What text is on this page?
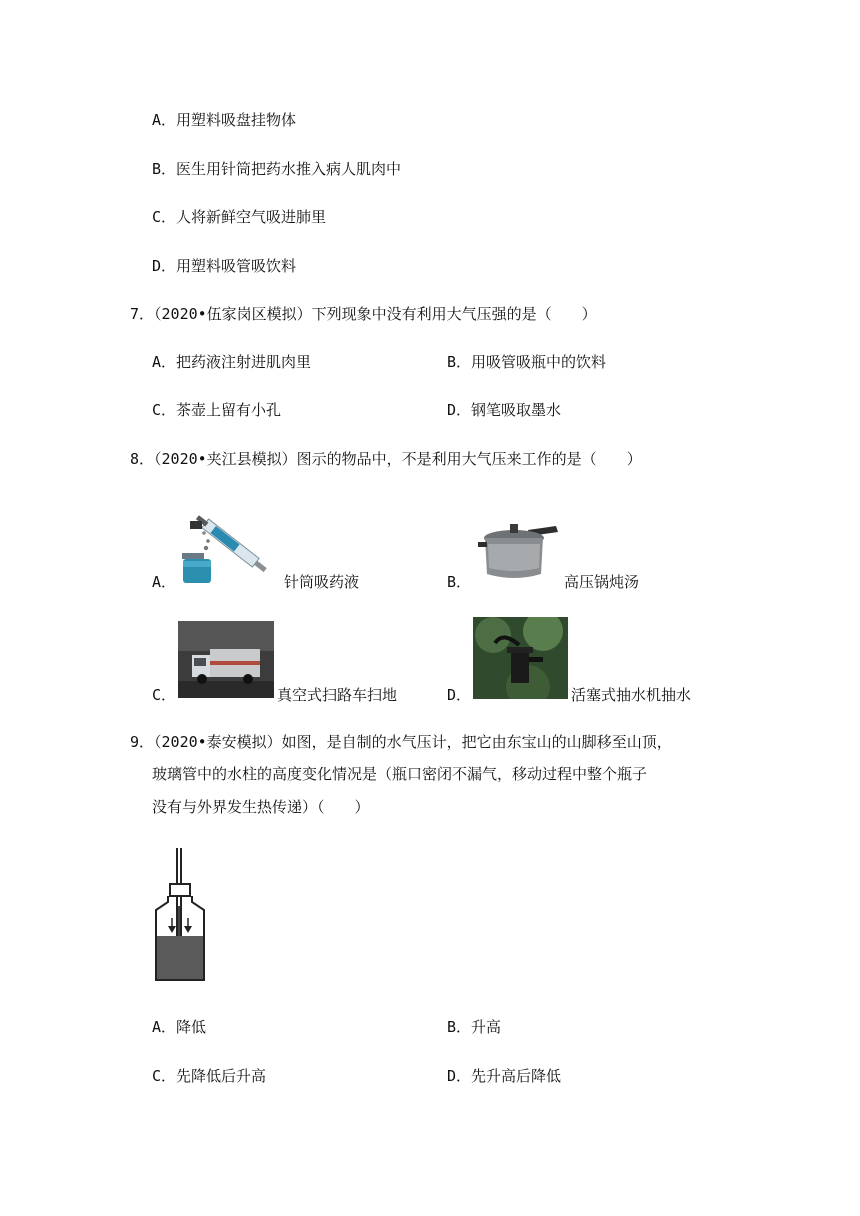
A．用塑料吸盘挂物体
B．医生用针筒把药水推入病人肌肉中
C．人将新鲜空气吸进肺里
D．用塑料吸管吸饮料
7．（2020•伍家岗区模拟）下列现象中没有利用大气压强的是（　　）
A．把药液注射进肌肉里	B．用吸管吸瓶中的饮料
C．茶壶上留有小孔	D．钢笔吸取墨水
8．（2020•夹江县模拟）图示的物品中，不是利用大气压来工作的是（　　）
A．	针筒吸药液	B．	高压锅炖汤
C．	真空式扫路车扫地	D．	活塞式抽水机抽水
9．（2020•泰安模拟）如图，是自制的水气压计，把它由东宝山的山脚移至山顶，
玻璃管中的水柱的高度变化情况是（瓶口密闭不漏气，移动过程中整个瓶子
没有与外界发生热传递）（　　）
A．降低	B．升高
C．先降低后升高	D．先升高后降低
